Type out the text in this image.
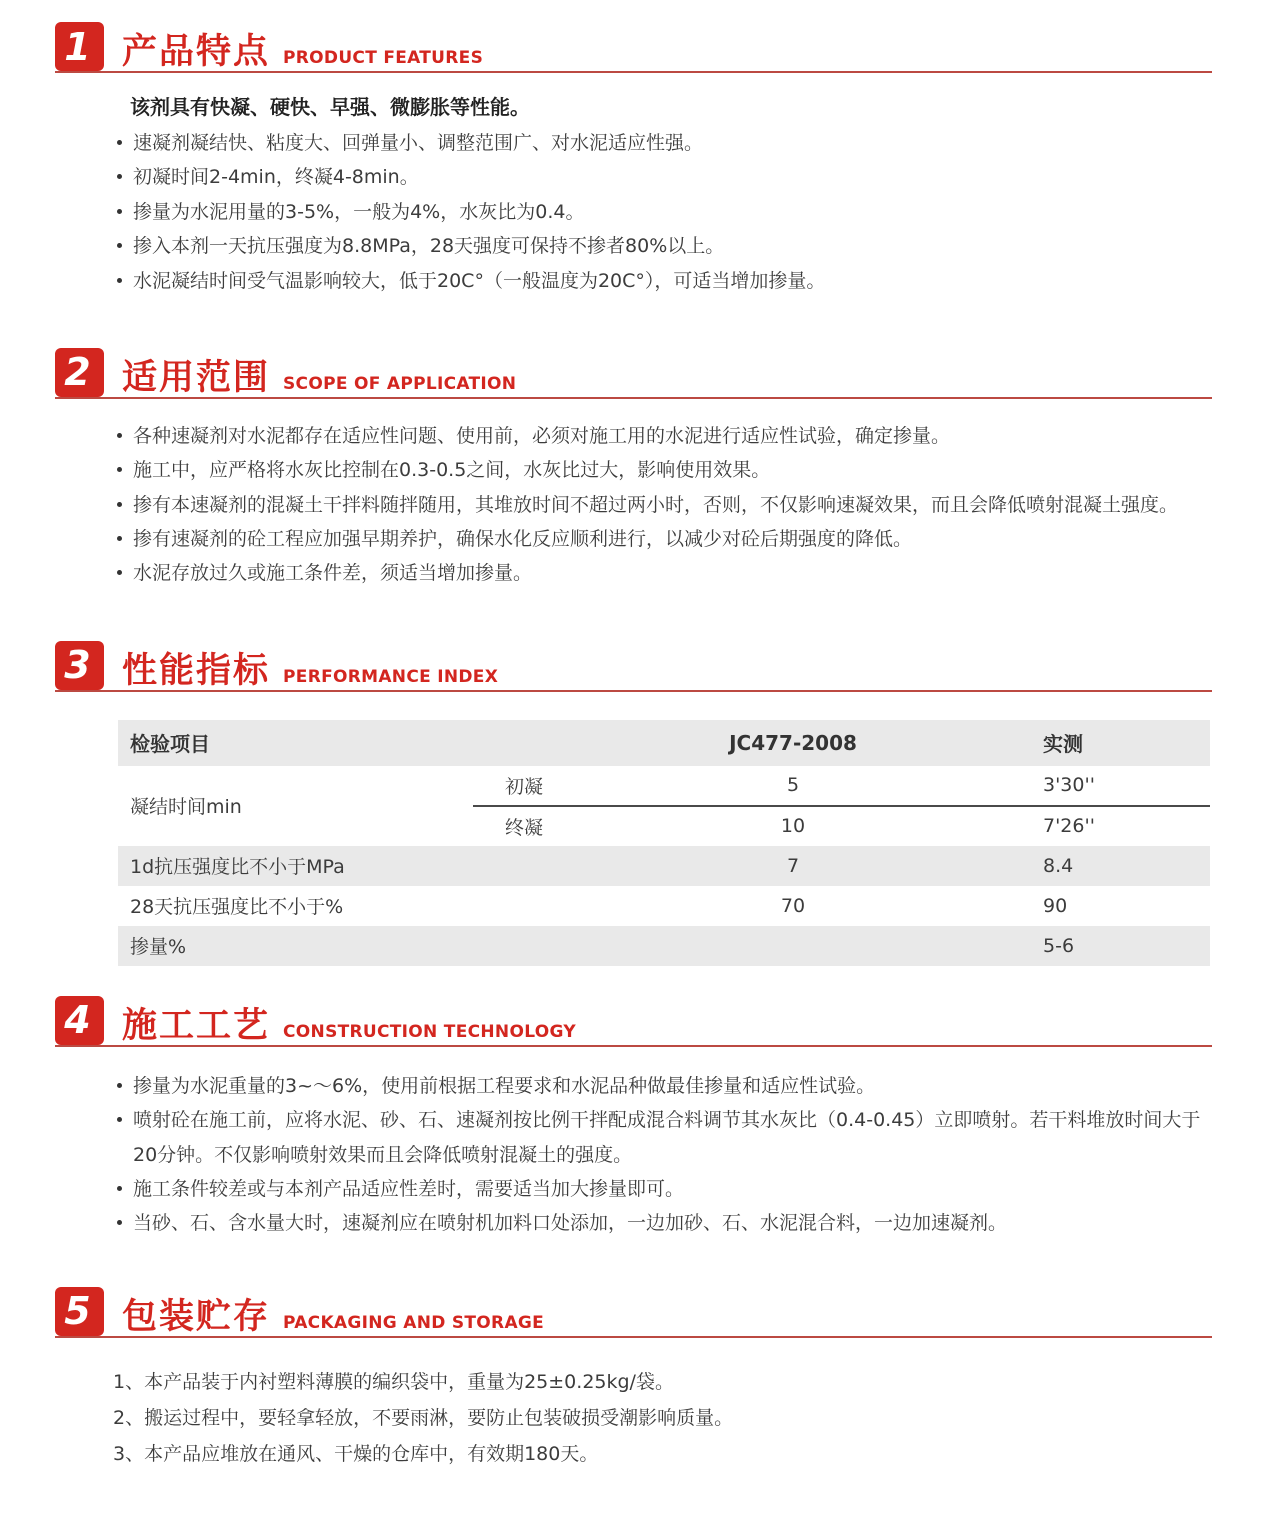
1 产品特点 PRODUCT FEATURES
该剂具有快凝、硬快、早强、微膨胀等性能。
速凝剂凝结快、粘度大、回弹量小、调整范围广、对水泥适应性强。
初凝时间2-4min，终凝4-8min。
掺量为水泥用量的3-5%，一般为4%，水灰比为0.4。
掺入本剂一天抗压强度为8.8MPa，28天强度可保持不掺者80%以上。
水泥凝结时间受气温影响较大，低于20C°（一般温度为20C°），可适当增加掺量。
2 适用范围 SCOPE OF APPLICATION
各种速凝剂对水泥都存在适应性问题、使用前，必须对施工用的水泥进行适应性试验，确定掺量。
施工中，应严格将水灰比控制在0.3-0.5之间，水灰比过大，影响使用效果。
掺有本速凝剂的混凝土干拌料随拌随用，其堆放时间不超过两小时，否则，不仅影响速凝效果，而且会降低喷射混凝土强度。
掺有速凝剂的砼工程应加强早期养护，确保水化反应顺利进行，以减少对砼后期强度的降低。
水泥存放过久或施工条件差，须适当增加掺量。
3 性能指标 PERFORMANCE INDEX
检验项目		JC477-2008	实测
凝结时间min	初凝	5	3'30''
	终凝	10	7'26''
1d抗压强度比不小于MPa		7	8.4
28天抗压强度比不小于%		70	90
掺量%			5-6
4 施工工艺 CONSTRUCTION TECHNOLOGY
掺量为水泥重量的3~～6%，使用前根据工程要求和水泥品种做最佳掺量和适应性试验。
喷射砼在施工前，应将水泥、砂、石、速凝剂按比例干拌配成混合料调节其水灰比（0.4-0.45）立即喷射。若干料堆放时间大于20分钟。不仅影响喷射效果而且会降低喷射混凝土的强度。
施工条件较差或与本剂产品适应性差时，需要适当加大掺量即可。
当砂、石、含水量大时，速凝剂应在喷射机加料口处添加，一边加砂、石、水泥混合料，一边加速凝剂。
5 包装贮存 PACKAGING AND STORAGE
1、本产品装于内衬塑料薄膜的编织袋中，重量为25±0.25kg/袋。
2、搬运过程中，要轻拿轻放，不要雨淋，要防止包装破损受潮影响质量。
3、本产品应堆放在通风、干燥的仓库中，有效期180天。
